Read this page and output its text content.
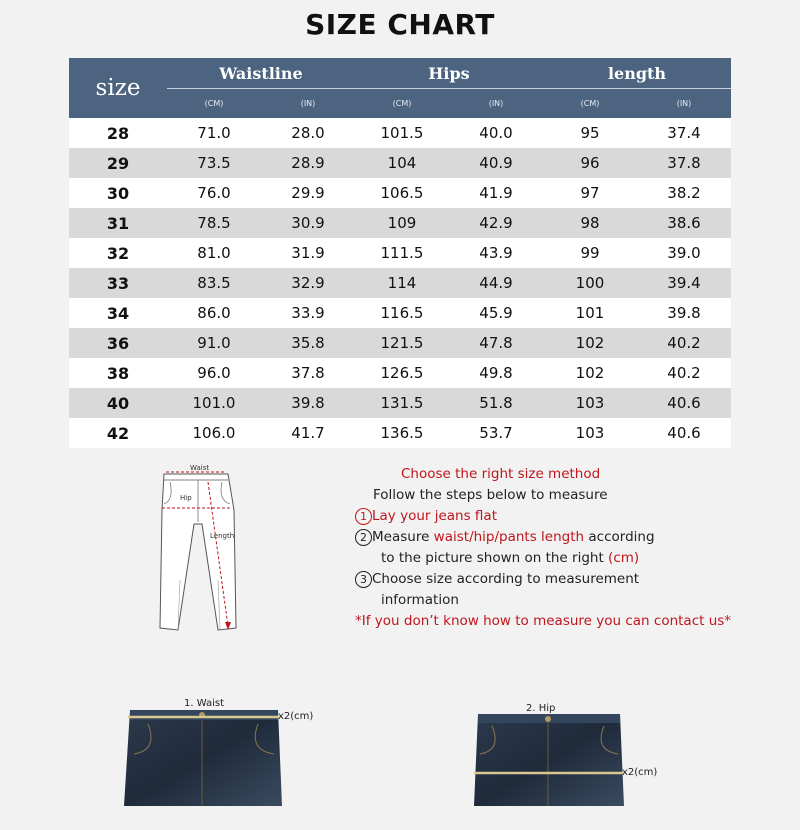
SIZE CHART
size
Waistline	Hips	length
(CM)	(IN)	(CM)	(IN)	(CM)	(IN)
28	71.0	28.0	101.5	40.0	95	37.4
29	73.5	28.9	104	40.9	96	37.8
30	76.0	29.9	106.5	41.9	97	38.2
31	78.5	30.9	109	42.9	98	38.6
32	81.0	31.9	111.5	43.9	99	39.0
33	83.5	32.9	114	44.9	100	39.4
34	86.0	33.9	116.5	45.9	101	39.8
36	91.0	35.8	121.5	47.8	102	40.2
38	96.0	37.8	126.5	49.8	102	40.2
40	101.0	39.8	131.5	51.8	103	40.6
42	106.0	41.7	136.5	53.7	103	40.6
Waist
Hip
Length
Choose the right size method
Follow the steps below to measure
1 Lay your jeans flat
2 Measure waist/hip/pants length according
to the picture shown on the right (cm)
3 Choose size according to measurement
information
*If you don’t know how to measure you can contact us*
1. Waist
x2(cm)
2. Hip
x2(cm)
